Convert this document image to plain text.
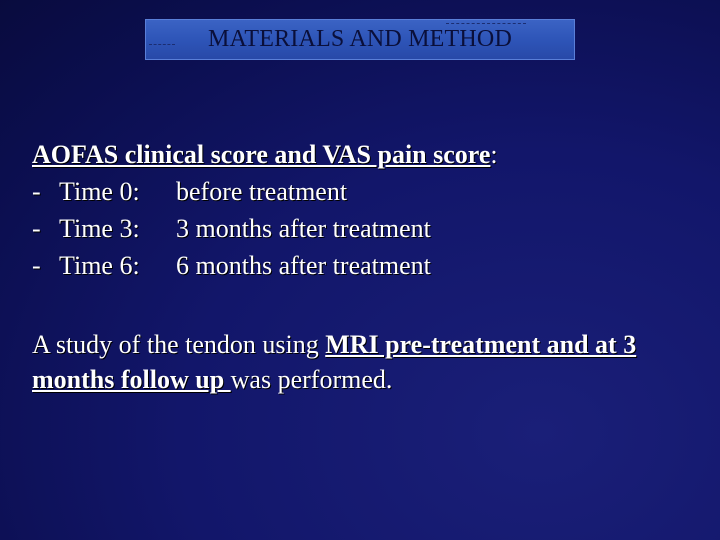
MATERIALS AND METHOD
AOFAS clinical score and VAS pain score:
- Time 0: before treatment
- Time 3: 3 months after treatment
- Time 6: 6 months after treatment
A study of the tendon using MRI pre-treatment and at 3 months follow up was performed.
